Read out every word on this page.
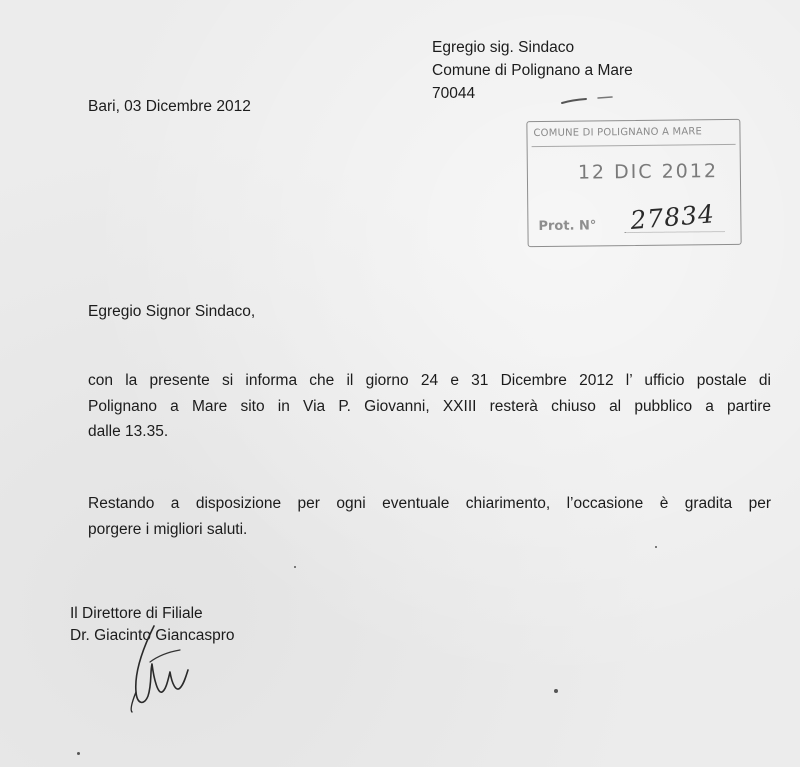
Egregio sig. Sindaco
Comune di Polignano a Mare
70044
Bari, 03 Dicembre 2012
COMUNE DI POLIGNANO A MARE
12 DIC 2012
Prot. N° 27834
Egregio Signor Sindaco,
con la presente si informa che il giorno 24 e 31 Dicembre 2012 l’ ufficio postale di
Polignano a Mare sito in Via P. Giovanni, XXIII resterà chiuso al pubblico a partire
dalle 13.35.
Restando a disposizione per ogni eventuale chiarimento, l’occasione è gradita per
porgere i migliori saluti.
Il Direttore di Filiale
Dr. Giacinto Giancaspro
